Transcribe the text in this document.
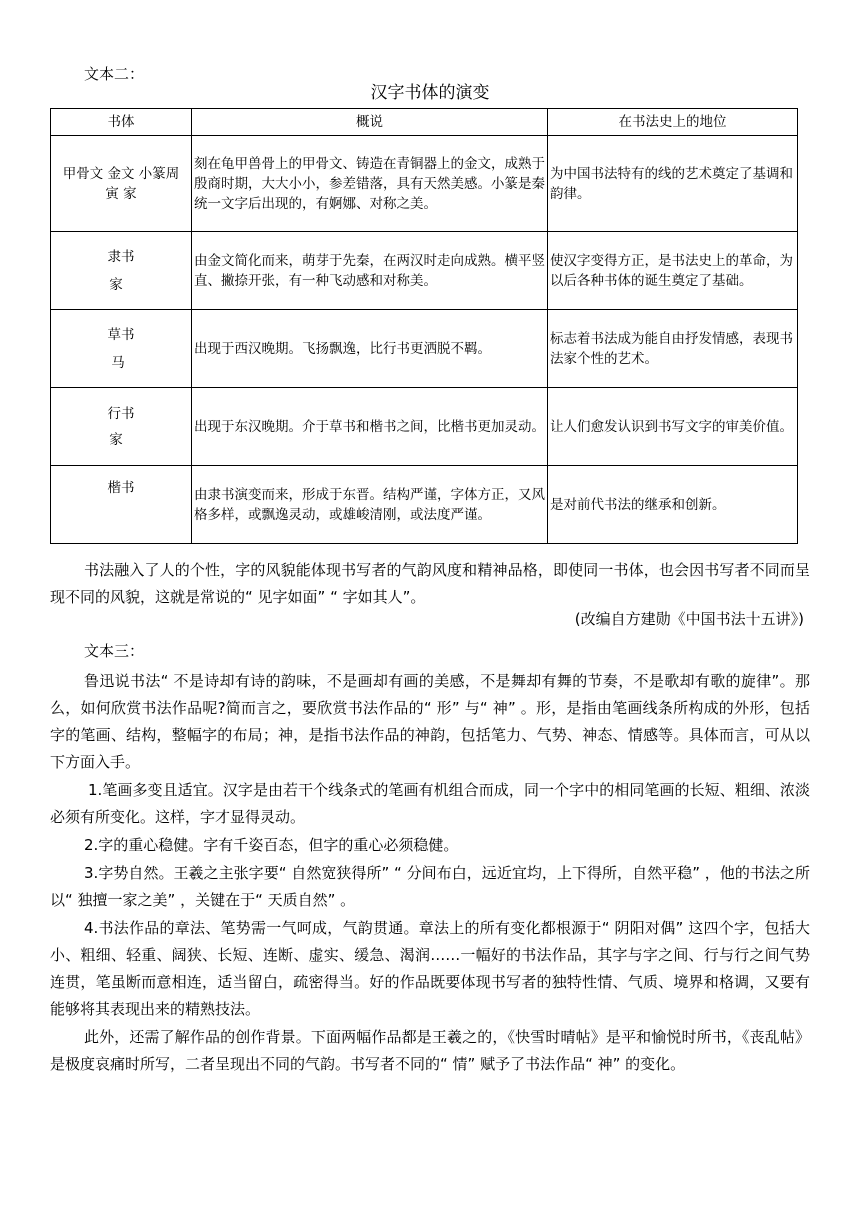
文本二：
汉字书体的演变
书体	概说	在书法史上的地位

甲骨文 金文 小篆周
寅 家	刻在龟甲兽骨上的甲骨文、铸造在青铜器上的金文，成熟于殷商时期，大大小小，参差错落，具有天然美感。小篆是秦统一文字后出现的，有婀娜、对称之美。	为中国书法特有的线的艺术奠定了基调和韵律。

隶书
家	由金文简化而来，萌芽于先秦，在两汉时走向成熟。横平竖直、撇捺开张，有一种飞动感和对称美。	使汉字变得方正，是书法史上的革命，为以后各种书体的诞生奠定了基础。

草书
马	出现于西汉晚期。飞扬飘逸，比行书更洒脱不羁。	标志着书法成为能自由抒发情感，表现书法家个性的艺术。

行书
家	出现于东汉晚期。介于草书和楷书之间，比楷书更加灵动。	让人们愈发认识到书写文字的审美价值。

楷书	由隶书演变而来，形成于东晋。结构严谨，字体方正，又风格多样，或飘逸灵动，或雄峻清刚，或法度严谨。	是对前代书法的继承和创新。

书法融入了人的个性，字的风貌能体现书写者的气韵风度和精神品格，即使同一书体，也会因书写者不同而呈现不同的风貌，这就是常说的“ 见字如面” “ 字如其人”。

(改编自方建勋《中国书法十五讲》)
文本三：

鲁迅说书法“ 不是诗却有诗的韵味，不是画却有画的美感，不是舞却有舞的节奏，不是歌却有歌的旋律”。那么，如何欣赏书法作品呢?简而言之，要欣赏书法作品的“ 形” 与“ 神” 。形，是指由笔画线条所构成的外形，包括字的笔画、结构，整幅字的布局；神，是指书法作品的神韵，包括笔力、气势、神态、情感等。具体而言，可从以下方面入手。

1.笔画多变且适宜。汉字是由若干个线条式的笔画有机组合而成，同一个字中的相同笔画的长短、粗细、浓淡必须有所变化。这样，字才显得灵动。

2.字的重心稳健。字有千姿百态，但字的重心必须稳健。

3.字势自然。王羲之主张字要“ 自然宽狭得所” “ 分间布白，远近宜均，上下得所，自然平稳” ，他的书法之所以“ 独擅一家之美” ，关键在于“ 天质自然” 。

4.书法作品的章法、笔势需一气呵成，气韵贯通。章法上的所有变化都根源于“ 阴阳对偶” 这四个字，包括大小、粗细、轻重、阔狭、长短、连断、虚实、缓急、渴润……一幅好的书法作品，其字与字之间、行与行之间气势连贯，笔虽断而意相连，适当留白，疏密得当。好的作品既要体现书写者的独特性情、气质、境界和格调，又要有能够将其表现出来的精熟技法。

此外，还需了解作品的创作背景。下面两幅作品都是王羲之的，《快雪时晴帖》是平和愉悦时所书，《丧乱帖》是极度哀痛时所写，二者呈现出不同的气韵。书写者不同的“ 情” 赋予了书法作品“ 神” 的变化。
